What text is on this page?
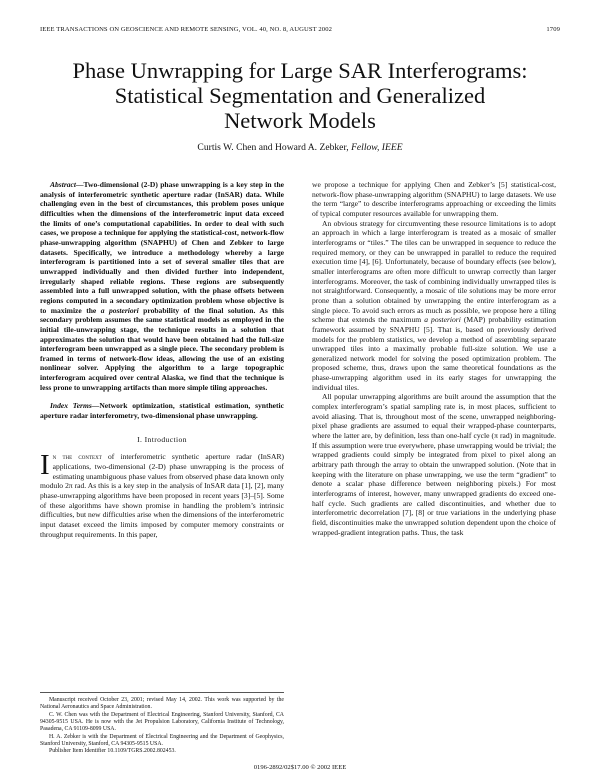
IEEE TRANSACTIONS ON GEOSCIENCE AND REMOTE SENSING, VOL. 40, NO. 8, AUGUST 2002	1709
Phase Unwrapping for Large SAR Interferograms:
Statistical Segmentation and Generalized
Network Models
Curtis W. Chen and Howard A. Zebker, Fellow, IEEE

Abstract—Two-dimensional (2-D) phase unwrapping is a key step in the analysis of interferometric synthetic aperture radar (InSAR) data. While challenging even in the best of circumstances, this problem poses unique difficulties when the dimensions of the interferometric input data exceed the limits of one’s computational capabilities. In order to deal with such cases, we propose a technique for applying the statistical-cost, network-flow phase-unwrapping algorithm (SNAPHU) of Chen and Zebker to large datasets. Specifically, we introduce a methodology whereby a large interferogram is partitioned into a set of several smaller tiles that are unwrapped individually and then divided further into independent, irregularly shaped reliable regions. These regions are subsequently assembled into a full unwrapped solution, with the phase offsets between regions computed in a secondary optimization problem whose objective is to maximize the a posteriori probability of the final solution. As this secondary problem assumes the same statistical models as employed in the initial tile-unwrapping stage, the technique results in a solution that approximates the solution that would have been obtained had the full-size interferogram been unwrapped as a single piece. The secondary problem is framed in terms of network-flow ideas, allowing the use of an existing nonlinear solver. Applying the algorithm to a large topographic interferogram acquired over central Alaska, we find that the technique is less prone to unwrapping artifacts than more simple tiling approaches.

Index Terms—Network optimization, statistical estimation, synthetic aperture radar interferometry, two-dimensional phase unwrapping.

I. Introduction

In the context of interferometric synthetic aperture radar (InSAR) applications, two-dimensional (2-D) phase unwrapping is the process of estimating unambiguous phase values from observed phase data known only modulo 2π rad. As this is a key step in the analysis of InSAR data [1], [2], many phase-unwrapping algorithms have been proposed in recent years [3]–[5]. Some of these algorithms have shown promise in handling the problem’s intrinsic difficulties, but new difficulties arise when the dimensions of the interferometric input dataset exceed the limits imposed by computer memory constraints or throughput requirements. In this paper,

we propose a technique for applying Chen and Zebker’s [5] statistical-cost, network-flow phase-unwrapping algorithm (SNAPHU) to large datasets. We use the term “large” to describe interferograms approaching or exceeding the limits of typical computer resources available for unwrapping them.

An obvious strategy for circumventing these resource limitations is to adopt an approach in which a large interferogram is treated as a mosaic of smaller interferograms or “tiles.” The tiles can be unwrapped in sequence to reduce the required memory, or they can be unwrapped in parallel to reduce the required execution time [4], [6]. Unfortunately, because of boundary effects (see below), smaller interferograms are often more difficult to unwrap correctly than larger interferograms. Moreover, the task of combining individually unwrapped tiles is not straightforward. Consequently, a mosaic of tile solutions may be more error prone than a solution obtained by unwrapping the entire interferogram as a single piece. To avoid such errors as much as possible, we propose here a tiling scheme that extends the maximum a posteriori (MAP) probability estimation framework assumed by SNAPHU [5]. That is, based on previously derived models for the problem statistics, we develop a method of assembling separate unwrapped tiles into a maximally probable full-size solution. We use a generalized network model for solving the posed optimization problem. The proposed scheme, thus, draws upon the same theoretical foundations as the phase-unwrapping algorithm used in its early stages for unwrapping the individual tiles.

All popular unwrapping algorithms are built around the assumption that the complex interferogram’s spatial sampling rate is, in most places, sufficient to avoid aliasing. That is, throughout most of the scene, unwrapped neighboring-pixel phase gradients are assumed to equal their wrapped-phase counterparts, where the latter are, by definition, less than one-half cycle (π rad) in magnitude. If this assumption were true everywhere, phase unwrapping would be trivial; the wrapped gradients could simply be integrated from pixel to pixel along an arbitrary path through the array to obtain the unwrapped solution. (Note that in keeping with the literature on phase unwrapping, we use the term “gradient” to denote a scalar phase difference between neighboring pixels.) For most interferograms of interest, however, many unwrapped gradients do exceed one-half cycle. Such gradients are called discontinuities, and whether due to interferometric decorrelation [7], [8] or true variations in the underlying phase field, discontinuities make the unwrapped solution dependent upon the choice of wrapped-gradient integration paths. Thus, the task

Manuscript received October 23, 2001; revised May 14, 2002. This work was supported by the National Aeronautics and Space Administration.

C. W. Chen was with the Department of Electrical Engineering, Stanford University, Stanford, CA 94305-9515 USA. He is now with the Jet Propulsion Laboratory, California Institute of Technology, Pasadena, CA 91109-8099 USA.

H. A. Zebker is with the Department of Electrical Engineering and the Department of Geophysics, Stanford University, Stanford, CA 94305-9515 USA.

Publisher Item Identifier 10.1109/TGRS.2002.802453.

0196-2892/02$17.00 © 2002 IEEE
